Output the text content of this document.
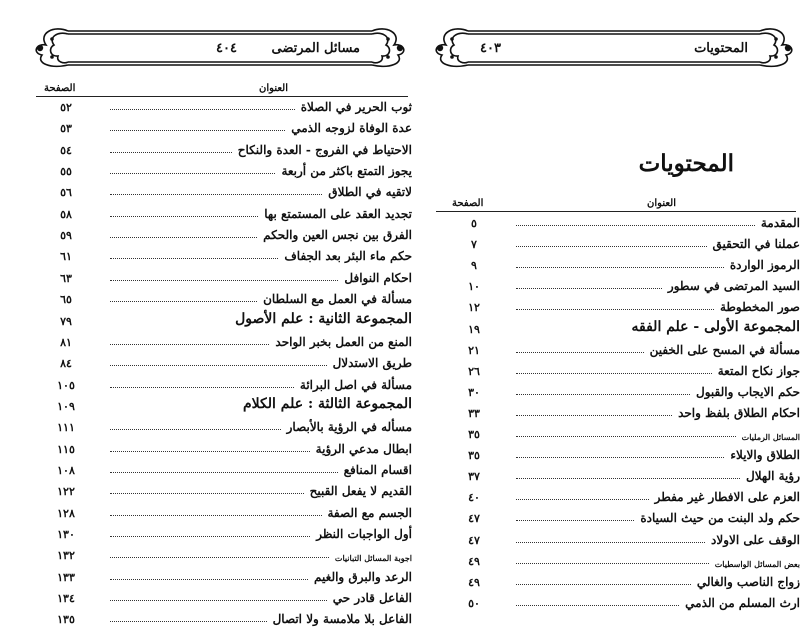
مسائل المرتضى
٤٠٤
العنوان
الصفحة
ثوب الحرير في الصلاة
٥٢
عدة الوفاة لزوجه الذمي
٥٣
الاحتياط في الفروج - العدة والنكاح
٥٤
يجوز التمتع باكثر من أربعة
٥٥
لاتقيه في الطلاق
٥٦
تجديد العقد على المستمتع بها
٥٨
الفرق بين نجس العين والحكم
٥٩
حكم ماء البئر بعد الجفاف
٦١
احكام النوافل
٦٣
مسألة في العمل مع السلطان
٦٥
المجموعة الثانية : علم الأصول
٧٩
المنع من العمل بخبر الواحد
٨١
طريق الاستدلال
٨٤
مسألة في اصل البرائة
١٠٥
المجموعة الثالثة : علم الكلام
١٠٩
مسأله في الرؤية بالأبصار
١١١
ابطال مدعي الرؤية
١١٥
اقسام المنافع
١٠٨
القديم لا يفعل القبيح
١٢٢
الجسم مع الصفة
١٢٨
أول الواجبات النظر
١٣٠
اجوبة المسائل التبانيات
١٣٢
الرعد والبرق والغيم
١٣٣
الفاعل قادر حي
١٣٤
الفاعل بلا ملامسة ولا اتصال
١٣٥
المحتويات
٤٠٣
المحتويات
العنوان
الصفحة
المقدمة
٥
عملنا في التحقيق
٧
الرموز الواردة
٩
السيد المرتضى في سطور
١٠
صور المخطوطة
١٢
المجموعة الأولى - علم الفقه
١٩
مسألة في المسح على الخفين
٢١
جواز نكاح المتعة
٢٦
حكم الايجاب والقبول
٣٠
احكام الطلاق بلفظ واحد
٣٣
المسائل الرمليات
٣٥
الطلاق والايلاء
٣٥
رؤية الهلال
٣٧
العزم على الافطار غير مفطر
٤٠
حكم ولد البنت من حيث السيادة
٤٧
الوقف على الاولاد
٤٧
بعض المسائل الواسطيات
٤٩
زواج الناصب والغالي
٤٩
ارث المسلم من الذمي
٥٠
